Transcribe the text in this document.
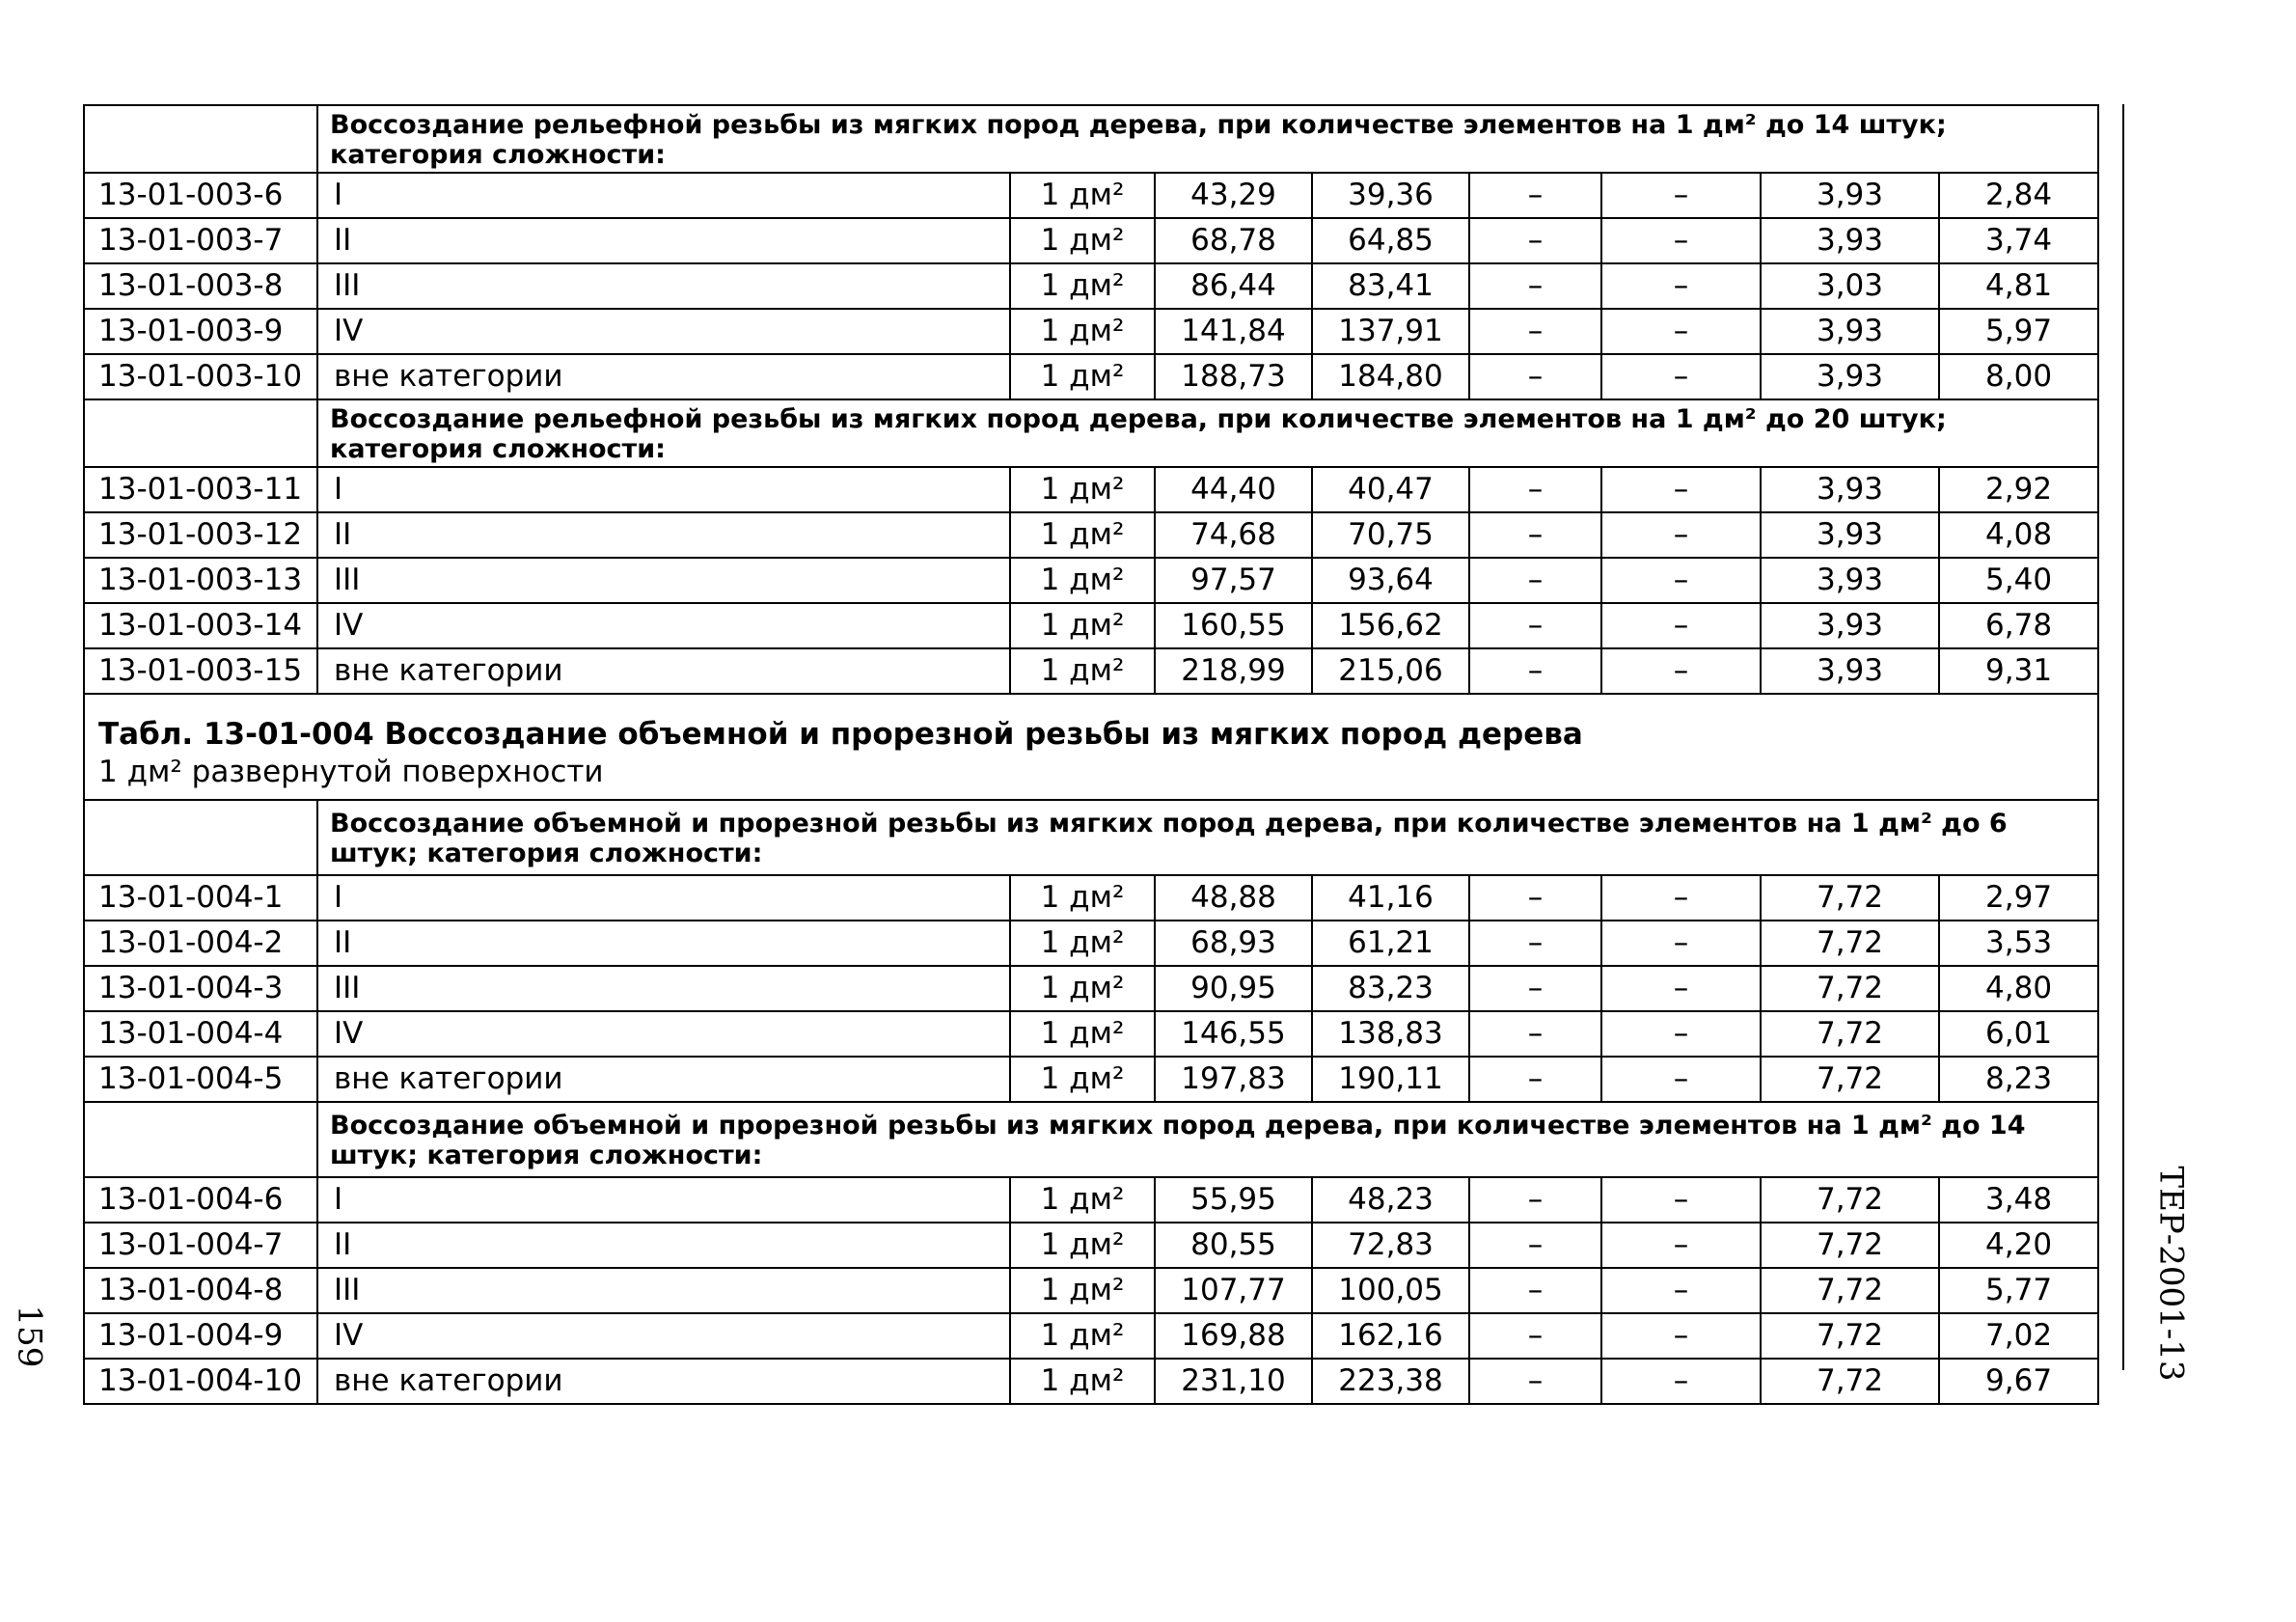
	Воссоздание рельефной резьбы из мягких пород дерева, при количестве элементов на 1 дм² до 14 штук; категория сложности:							
13-01-003-6	I	1 дм²	43,29	39,36	–	–	3,93	2,84
13-01-003-7	II	1 дм²	68,78	64,85	–	–	3,93	3,74
13-01-003-8	III	1 дм²	86,44	83,41	–	–	3,03	4,81
13-01-003-9	IV	1 дм²	141,84	137,91	–	–	3,93	5,97
13-01-003-10	вне категории	1 дм²	188,73	184,80	–	–	3,93	8,00
	Воссоздание рельефной резьбы из мягких пород дерева, при количестве элементов на 1 дм² до 20 штук; категория сложности:							
13-01-003-11	I	1 дм²	44,40	40,47	–	–	3,93	2,92
13-01-003-12	II	1 дм²	74,68	70,75	–	–	3,93	4,08
13-01-003-13	III	1 дм²	97,57	93,64	–	–	3,93	5,40
13-01-003-14	IV	1 дм²	160,55	156,62	–	–	3,93	6,78
13-01-003-15	вне категории	1 дм²	218,99	215,06	–	–	3,93	9,31

Табл. 13-01-004 Воссоздание объемной и прорезной резьбы из мягких пород дерева
1 дм² развернутой поверхности								

	Воссоздание объемной и прорезной резьбы из мягких пород дерева, при количестве элементов на 1 дм² до 6 штук; категория сложности:							
13-01-004-1	I	1 дм²	48,88	41,16	–	–	7,72	2,97
13-01-004-2	II	1 дм²	68,93	61,21	–	–	7,72	3,53
13-01-004-3	III	1 дм²	90,95	83,23	–	–	7,72	4,80
13-01-004-4	IV	1 дм²	146,55	138,83	–	–	7,72	6,01
13-01-004-5	вне категории	1 дм²	197,83	190,11	–	–	7,72	8,23
	Воссоздание объемной и прорезной резьбы из мягких пород дерева, при количестве элементов на 1 дм² до 14 штук; категория сложности:							
13-01-004-6	I	1 дм²	55,95	48,23	–	–	7,72	3,48
13-01-004-7	II	1 дм²	80,55	72,83	–	–	7,72	4,20
13-01-004-8	III	1 дм²	107,77	100,05	–	–	7,72	5,77
13-01-004-9	IV	1 дм²	169,88	162,16	–	–	7,72	7,02
13-01-004-10	вне категории	1 дм²	231,10	223,38	–	–	7,72	9,67	ТЕР-2001-13
159
